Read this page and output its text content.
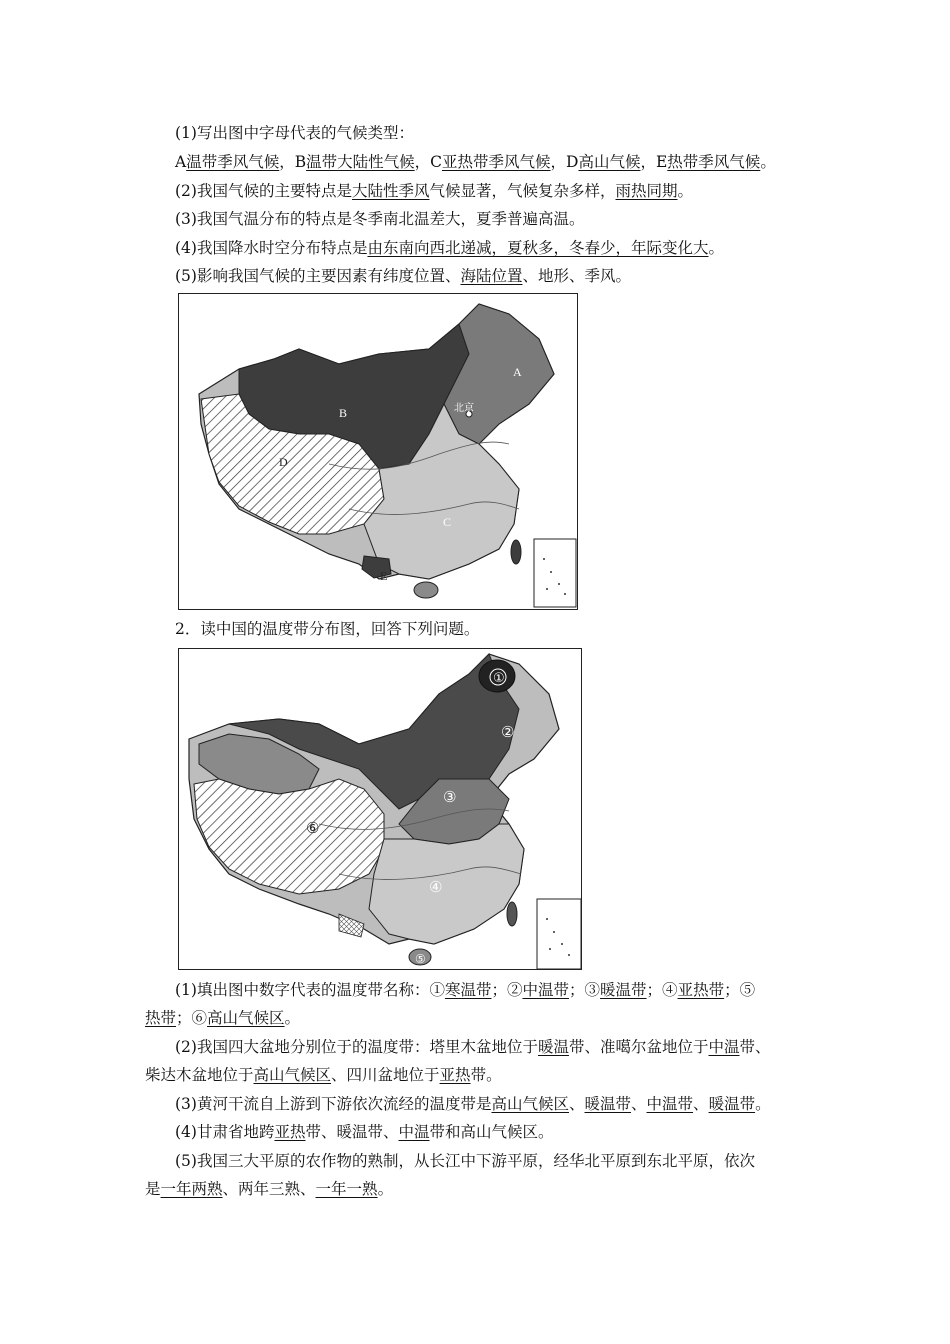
(1)写出图中字母代表的气候类型：
A温带季风气候，B温带大陆性气候，C亚热带季风气候，D高山气候，E热带季风气候。
(2)我国气候的主要特点是大陆性季风气候显著，气候复杂多样，雨热同期。
(3)我国气温分布的特点是冬季南北温差大，夏季普遍高温。
(4)我国降水时空分布特点是由东南向西北递减，夏秋多，冬春少，年际变化大。
(5)影响我国气候的主要因素有纬度位置、海陆位置、地形、季风。
北京
A
B
C
D
E
2．读中国的温度带分布图，回答下列问题。
①
②
③
④
⑤
⑥
(1)填出图中数字代表的温度带名称：①寒温带；②中温带；③暖温带；④亚热带；⑤
热带；⑥高山气候区。
(2)我国四大盆地分别位于的温度带：塔里木盆地位于暖温带、准噶尔盆地位于中温带、
柴达木盆地位于高山气候区、四川盆地位于亚热带。
(3)黄河干流自上游到下游依次流经的温度带是高山气候区、暖温带、中温带、暖温带。
(4)甘肃省地跨亚热带、暖温带、中温带和高山气候区。
(5)我国三大平原的农作物的熟制，从长江中下游平原，经华北平原到东北平原，依次
是一年两熟、两年三熟、一年一熟。
